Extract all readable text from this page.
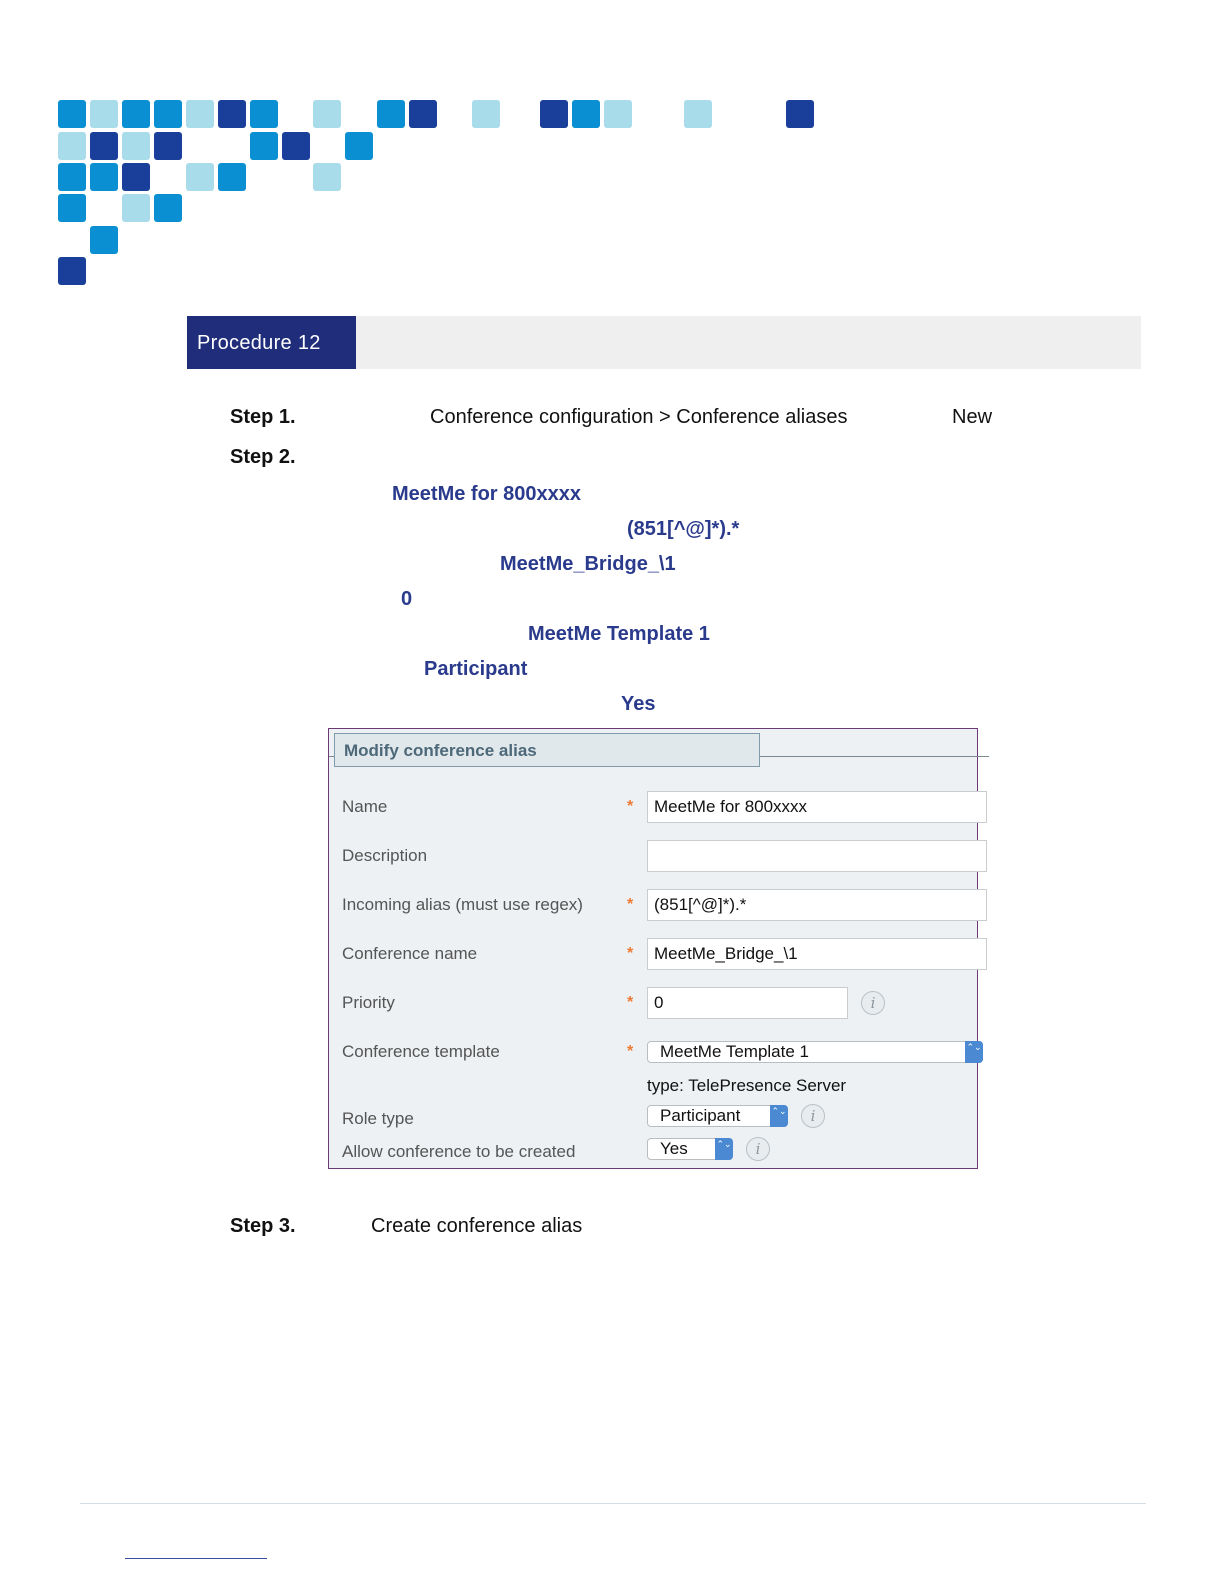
Procedure 12
Step 1.	Conference configuration > Conference aliases	New
Step 2.
MeetMe for 800xxxx
(851[^@]*).*
MeetMe_Bridge_\1
0
MeetMe Template 1
Participant
Yes
Modify conference alias
Name	*	MeetMe for 800xxxx
Description
Incoming alias (must use regex)	*	(851[^@]*).*
Conference name	*	MeetMe_Bridge_\1
Priority	*	0	i
Conference template	*	MeetMe Template 1	⌃⌄
type: TelePresence Server
Role type	Participant	⌃⌄	i
Allow conference to be created	Yes	⌃⌄	i
Step 3.	Create conference alias
